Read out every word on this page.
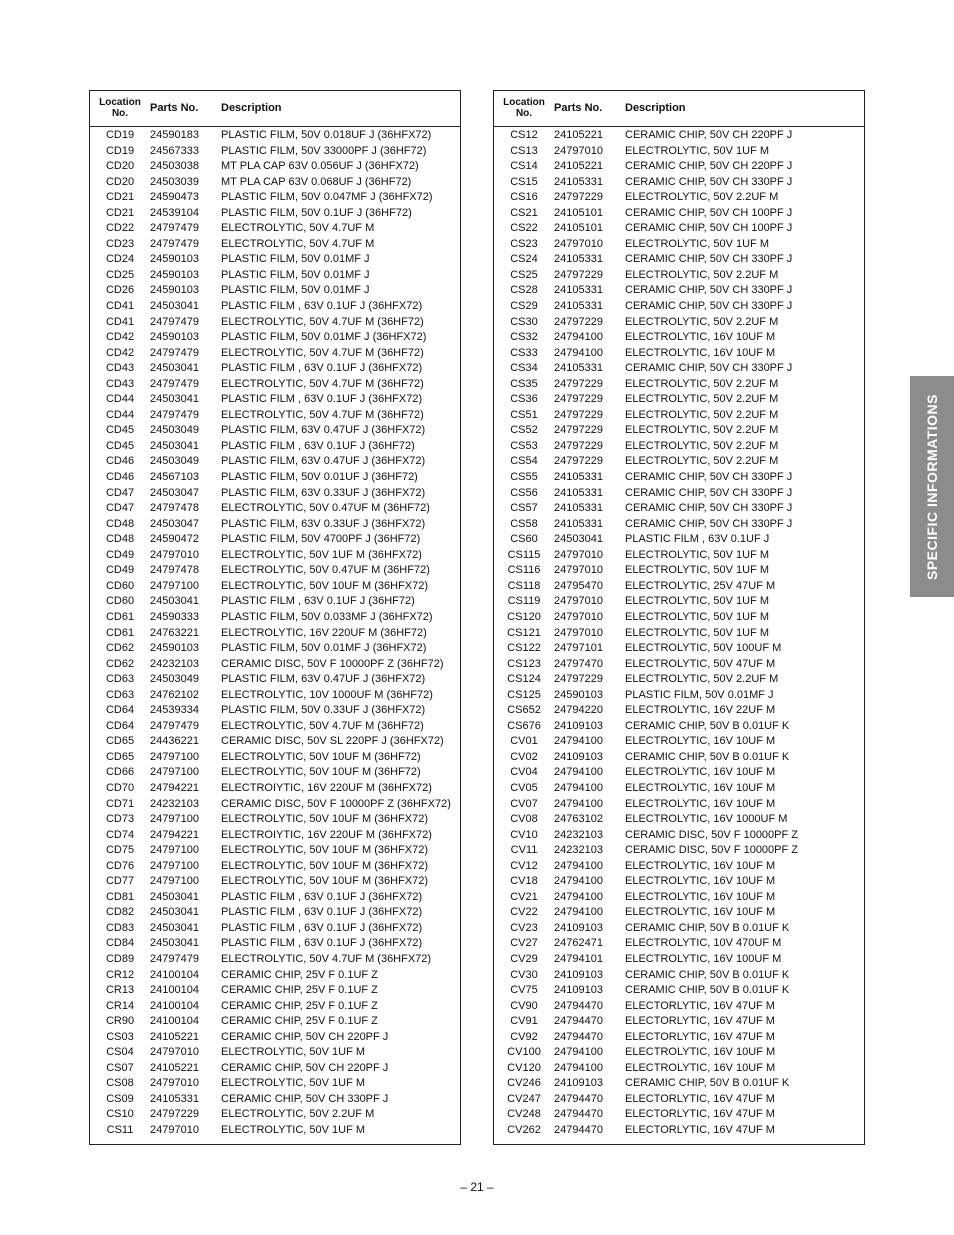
Location No.	Parts No. Description
CD19	24590183 PLASTIC FILM, 50V 0.018UF J (36HFX72)
CD19	24567333 PLASTIC FILM, 50V 33000PF J (36HF72)
CD20	24503038 MT PLA CAP 63V 0.056UF J (36HFX72)
CD20	24503039 MT PLA CAP 63V 0.068UF J (36HF72)
CD21	24590473 PLASTIC FILM, 50V 0.047MF J (36HFX72)
CD21	24539104 PLASTIC FILM, 50V 0.1UF J (36HF72)
CD22	24797479 ELECTROLYTIC, 50V 4.7UF M
CD23	24797479 ELECTROLYTIC, 50V 4.7UF M
CD24	24590103 PLASTIC FILM, 50V 0.01MF J
CD25	24590103 PLASTIC FILM, 50V 0.01MF J
CD26	24590103 PLASTIC FILM, 50V 0.01MF J
CD41	24503041 PLASTIC FILM , 63V 0.1UF J (36HFX72)
CD41	24797479 ELECTROLYTIC, 50V 4.7UF M (36HF72)
CD42	24590103 PLASTIC FILM, 50V 0.01MF J (36HFX72)
CD42	24797479 ELECTROLYTIC, 50V 4.7UF M (36HF72)
CD43	24503041 PLASTIC FILM , 63V 0.1UF J (36HFX72)
CD43	24797479 ELECTROLYTIC, 50V 4.7UF M (36HF72)
CD44	24503041 PLASTIC FILM , 63V 0.1UF J (36HFX72)
CD44	24797479 ELECTROLYTIC, 50V 4.7UF M (36HF72)
CD45	24503049 PLASTIC FILM, 63V 0.47UF J (36HFX72)
CD45	24503041 PLASTIC FILM , 63V 0.1UF J (36HF72)
CD46	24503049 PLASTIC FILM, 63V 0.47UF J (36HFX72)
CD46	24567103 PLASTIC FILM, 50V 0.01UF J (36HF72)
CD47	24503047 PLASTIC FILM, 63V 0.33UF J (36HFX72)
CD47	24797478 ELECTROLYTIC, 50V 0.47UF M (36HF72)
CD48	24503047 PLASTIC FILM, 63V 0.33UF J (36HFX72)
CD48	24590472 PLASTIC FILM, 50V 4700PF J (36HF72)
CD49	24797010 ELECTROLYTIC, 50V 1UF M (36HFX72)
CD49	24797478 ELECTROLYTIC, 50V 0.47UF M (36HF72)
CD60	24797100 ELECTROLYTIC, 50V 10UF M (36HFX72)
CD60	24503041 PLASTIC FILM , 63V 0.1UF J (36HF72)
CD61	24590333 PLASTIC FILM, 50V 0.033MF J (36HFX72)
CD61	24763221 ELECTROLYTIC, 16V 220UF M (36HF72)
CD62	24590103 PLASTIC FILM, 50V 0.01MF J (36HFX72)
CD62	24232103 CERAMIC DISC, 50V F 10000PF Z (36HF72)
CD63	24503049 PLASTIC FILM, 63V 0.47UF J (36HFX72)
CD63	24762102 ELECTROLYTIC, 10V 1000UF M (36HF72)
CD64	24539334 PLASTIC FILM, 50V 0.33UF J (36HFX72)
CD64	24797479 ELECTROLYTIC, 50V 4.7UF M (36HF72)
CD65	24436221 CERAMIC DISC, 50V SL 220PF J (36HFX72)
CD65	24797100 ELECTROLYTIC, 50V 10UF M (36HF72)
CD66	24797100 ELECTROLYTIC, 50V 10UF M (36HF72)
CD70	24794221 ELECTROIYTIC, 16V 220UF M (36HFX72)
CD71	24232103 CERAMIC DISC, 50V F 10000PF Z (36HFX72)
CD73	24797100 ELECTROLYTIC, 50V 10UF M (36HFX72)
CD74	24794221 ELECTROIYTIC, 16V 220UF M (36HFX72)
CD75	24797100 ELECTROLYTIC, 50V 10UF M (36HFX72)
CD76	24797100 ELECTROLYTIC, 50V 10UF M (36HFX72)
CD77	24797100 ELECTROLYTIC, 50V 10UF M (36HFX72)
CD81	24503041 PLASTIC FILM , 63V 0.1UF J (36HFX72)
CD82	24503041 PLASTIC FILM , 63V 0.1UF J (36HFX72)
CD83	24503041 PLASTIC FILM , 63V 0.1UF J (36HFX72)
CD84	24503041 PLASTIC FILM , 63V 0.1UF J (36HFX72)
CD89	24797479 ELECTROLYTIC, 50V 4.7UF M (36HFX72)
CR12	24100104 CERAMIC CHIP, 25V F 0.1UF Z
CR13	24100104 CERAMIC CHIP, 25V F 0.1UF Z
CR14	24100104 CERAMIC CHIP, 25V F 0.1UF Z
CR90	24100104 CERAMIC CHIP, 25V F 0.1UF Z
CS03	24105221 CERAMIC CHIP, 50V CH 220PF J
CS04	24797010 ELECTROLYTIC, 50V 1UF M
CS07	24105221 CERAMIC CHIP, 50V CH 220PF J
CS08	24797010 ELECTROLYTIC, 50V 1UF M
CS09	24105331 CERAMIC CHIP, 50V CH 330PF J
CS10	24797229 ELECTROLYTIC, 50V 2.2UF M
CS11	24797010 ELECTROLYTIC, 50V 1UF M
Location No.	Parts No. Description
CS12	24105221 CERAMIC CHIP, 50V CH 220PF J
CS13	24797010 ELECTROLYTIC, 50V 1UF M
CS14	24105221 CERAMIC CHIP, 50V CH 220PF J
CS15	24105331 CERAMIC CHIP, 50V CH 330PF J
CS16	24797229 ELECTROLYTIC, 50V 2.2UF M
CS21	24105101 CERAMIC CHIP, 50V CH 100PF J
CS22	24105101 CERAMIC CHIP, 50V CH 100PF J
CS23	24797010 ELECTROLYTIC, 50V 1UF M
CS24	24105331 CERAMIC CHIP, 50V CH 330PF J
CS25	24797229 ELECTROLYTIC, 50V 2.2UF M
CS28	24105331 CERAMIC CHIP, 50V CH 330PF J
CS29	24105331 CERAMIC CHIP, 50V CH 330PF J
CS30	24797229 ELECTROLYTIC, 50V 2.2UF M
CS32	24794100 ELECTROLYTIC, 16V 10UF M
CS33	24794100 ELECTROLYTIC, 16V 10UF M
CS34	24105331 CERAMIC CHIP, 50V CH 330PF J
CS35	24797229 ELECTROLYTIC, 50V 2.2UF M
CS36	24797229 ELECTROLYTIC, 50V 2.2UF M
CS51	24797229 ELECTROLYTIC, 50V 2.2UF M
CS52	24797229 ELECTROLYTIC, 50V 2.2UF M
CS53	24797229 ELECTROLYTIC, 50V 2.2UF M
CS54	24797229 ELECTROLYTIC, 50V 2.2UF M
CS55	24105331 CERAMIC CHIP, 50V CH 330PF J
CS56	24105331 CERAMIC CHIP, 50V CH 330PF J
CS57	24105331 CERAMIC CHIP, 50V CH 330PF J
CS58	24105331 CERAMIC CHIP, 50V CH 330PF J
CS60	24503041 PLASTIC FILM , 63V 0.1UF J
CS115	24797010 ELECTROLYTIC, 50V 1UF M
CS116	24797010 ELECTROLYTIC, 50V 1UF M
CS118	24795470 ELECTROLYTIC, 25V 47UF M
CS119	24797010 ELECTROLYTIC, 50V 1UF M
CS120	24797010 ELECTROLYTIC, 50V 1UF M
CS121	24797010 ELECTROLYTIC, 50V 1UF M
CS122	24797101 ELECTROLYTIC, 50V 100UF M
CS123	24797470 ELECTROLYTIC, 50V 47UF M
CS124	24797229 ELECTROLYTIC, 50V 2.2UF M
CS125	24590103 PLASTIC FILM, 50V 0.01MF J
CS652	24794220 ELECTROLYTIC, 16V 22UF M
CS676	24109103 CERAMIC CHIP, 50V B 0.01UF K
CV01	24794100 ELECTROLYTIC, 16V 10UF M
CV02	24109103 CERAMIC CHIP, 50V B 0.01UF K
CV04	24794100 ELECTROLYTIC, 16V 10UF M
CV05	24794100 ELECTROLYTIC, 16V 10UF M
CV07	24794100 ELECTROLYTIC, 16V 10UF M
CV08	24763102 ELECTROLYTIC, 16V 1000UF M
CV10	24232103 CERAMIC DISC, 50V F 10000PF Z
CV11	24232103 CERAMIC DISC, 50V F 10000PF Z
CV12	24794100 ELECTROLYTIC, 16V 10UF M
CV18	24794100 ELECTROLYTIC, 16V 10UF M
CV21	24794100 ELECTROLYTIC, 16V 10UF M
CV22	24794100 ELECTROLYTIC, 16V 10UF M
CV23	24109103 CERAMIC CHIP, 50V B 0.01UF K
CV27	24762471 ELECTROLYTIC, 10V 470UF M
CV29	24794101 ELECTROLYTIC, 16V 100UF M
CV30	24109103 CERAMIC CHIP, 50V B 0.01UF K
CV75	24109103 CERAMIC CHIP, 50V B 0.01UF K
CV90	24794470 ELECTORLYTIC, 16V 47UF M
CV91	24794470 ELECTORLYTIC, 16V 47UF M
CV92	24794470 ELECTORLYTIC, 16V 47UF M
CV100	24794100 ELECTROLYTIC, 16V 10UF M
CV120	24794100 ELECTROLYTIC, 16V 10UF M
CV246	24109103 CERAMIC CHIP, 50V B 0.01UF K
CV247	24794470 ELECTORLYTIC, 16V 47UF M
CV248	24794470 ELECTORLYTIC, 16V 47UF M
CV262	24794470 ELECTORLYTIC, 16V 47UF M
SPECIFIC INFORMATIONS
– 21 –
